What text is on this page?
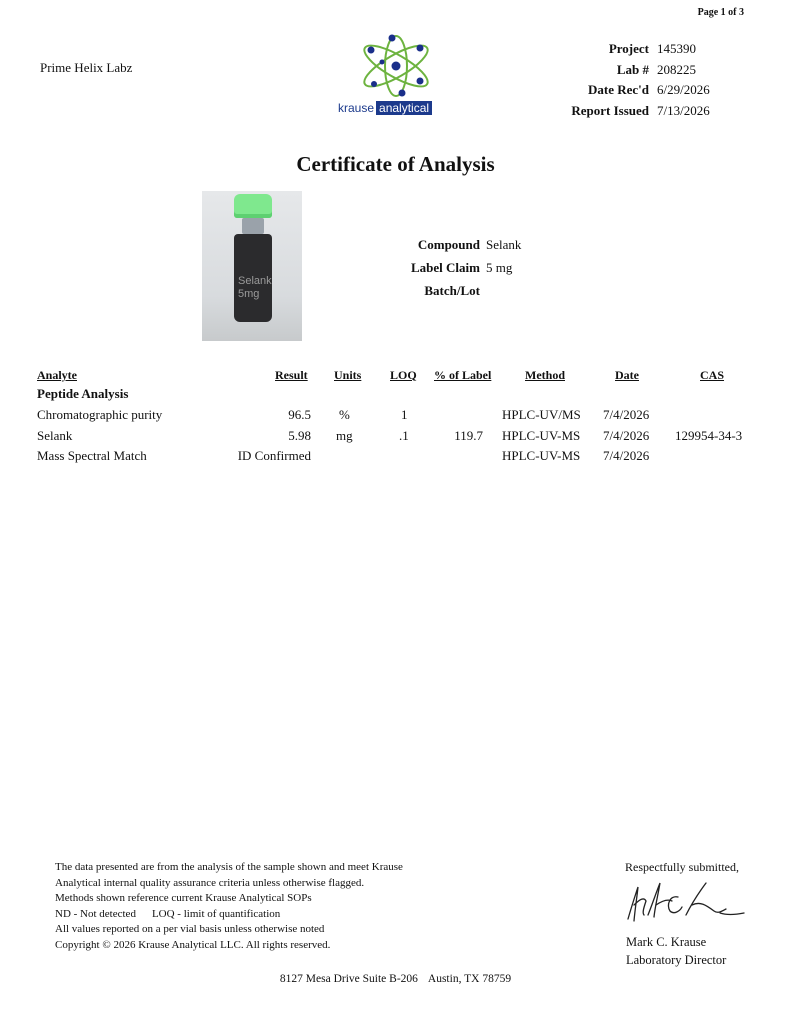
Page 1 of 3
Prime Helix Labz
krause analytical
Project 145390
Lab # 208225
Date Rec'd 6/29/2026
Report Issued 7/13/2026
Certificate of Analysis
Selank
5mg
Compound Selank
Label Claim 5 mg
Batch/Lot
Analyte	Result Units LOQ % of Label	Method	Date	CAS
Peptide Analysis
Chromatographic purity	96.5 %	1	HPLC-UV/MS 7/4/2026
Selank	5.98 mg	.1	119.7 HPLC-UV-MS 7/4/2026 129954-34-3
Mass Spectral Match	ID Confirmed	HPLC-UV-MS 7/4/2026
The data presented are from the analysis of the sample shown and meet Krause
Analytical internal quality assurance criteria unless otherwise flagged.
Methods shown reference current Krause Analytical SOPs
ND - Not detected LOQ - limit of quantification
All values reported on a per vial basis unless otherwise noted
Copyright © 2026 Krause Analytical LLC. All rights reserved.
Respectfully submitted,
Mark C. Krause
Laboratory Director
8127 Mesa Drive Suite B-206 Austin, TX 78759
